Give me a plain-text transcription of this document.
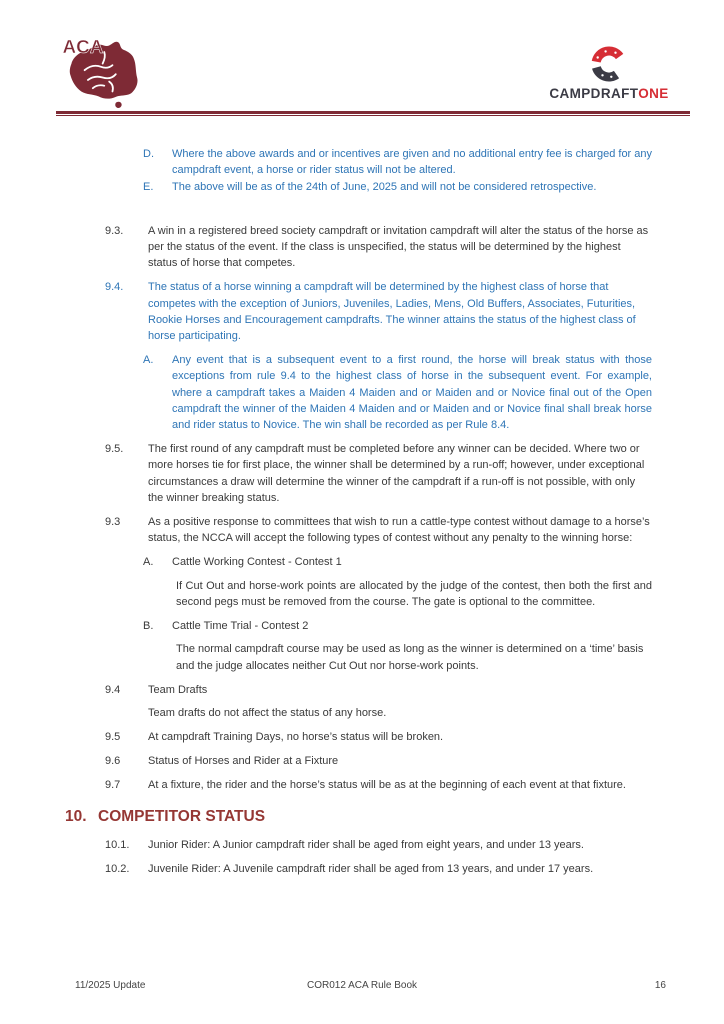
ACA
CAMPDRAFTONE
D.	Where the above awards and or incentives are given and no additional entry fee is charged for any campdraft event, a horse or rider status will not be altered.
E.	The above will be as of the 24th of June, 2025 and will not be considered retrospective.
9.3.	A win in a registered breed society campdraft or invitation campdraft will alter the status of the horse as per the status of the event. If the class is unspecified, the status will be determined by the highest status of horse that competes.
9.4.	The status of a horse winning a campdraft will be determined by the highest class of horse that competes with the exception of Juniors, Juveniles, Ladies, Mens, Old Buffers, Associates, Futurities, Rookie Horses and Encouragement campdrafts. The winner attains the status of the highest class of horse participating.
A.	Any event that is a subsequent event to a first round, the horse will break status with those exceptions from rule 9.4 to the highest class of horse in the subsequent event. For example, where a campdraft takes a Maiden 4 Maiden and or Maiden and or Novice final out of the Open campdraft the winner of the Maiden 4 Maiden and or Maiden and or Novice final shall break horse and rider status to Novice. The win shall be recorded as per Rule 8.4.
9.5.	The first round of any campdraft must be completed before any winner can be decided. Where two or more horses tie for first place, the winner shall be determined by a run-off; however, under exceptional circumstances a draw will determine the winner of the campdraft if a run-off is not possible, with only the winner breaking status.
9.3	As a positive response to committees that wish to run a cattle-type contest without damage to a horse’s status, the NCCA will accept the following types of contest without any penalty to the winning horse:
A.	Cattle Working Contest - Contest 1
If Cut Out and horse-work points are allocated by the judge of the contest, then both the first and second pegs must be removed from the course. The gate is optional to the committee.
B.	Cattle Time Trial - Contest 2
The normal campdraft course may be used as long as the winner is determined on a ‘time’ basis and the judge allocates neither Cut Out nor horse-work points.
9.4	Team Drafts
Team drafts do not affect the status of any horse.
9.5	At campdraft Training Days, no horse’s status will be broken.
9.6	Status of Horses and Rider at a Fixture
9.7	At a fixture, the rider and the horse’s status will be as at the beginning of each event at that fixture.
10. COMPETITOR STATUS
10.1.	Junior Rider: A Junior campdraft rider shall be aged from eight years, and under 13 years.
10.2.	Juvenile Rider: A Juvenile campdraft rider shall be aged from 13 years, and under 17 years.
11/2025 Update	COR012 ACA Rule Book	16
